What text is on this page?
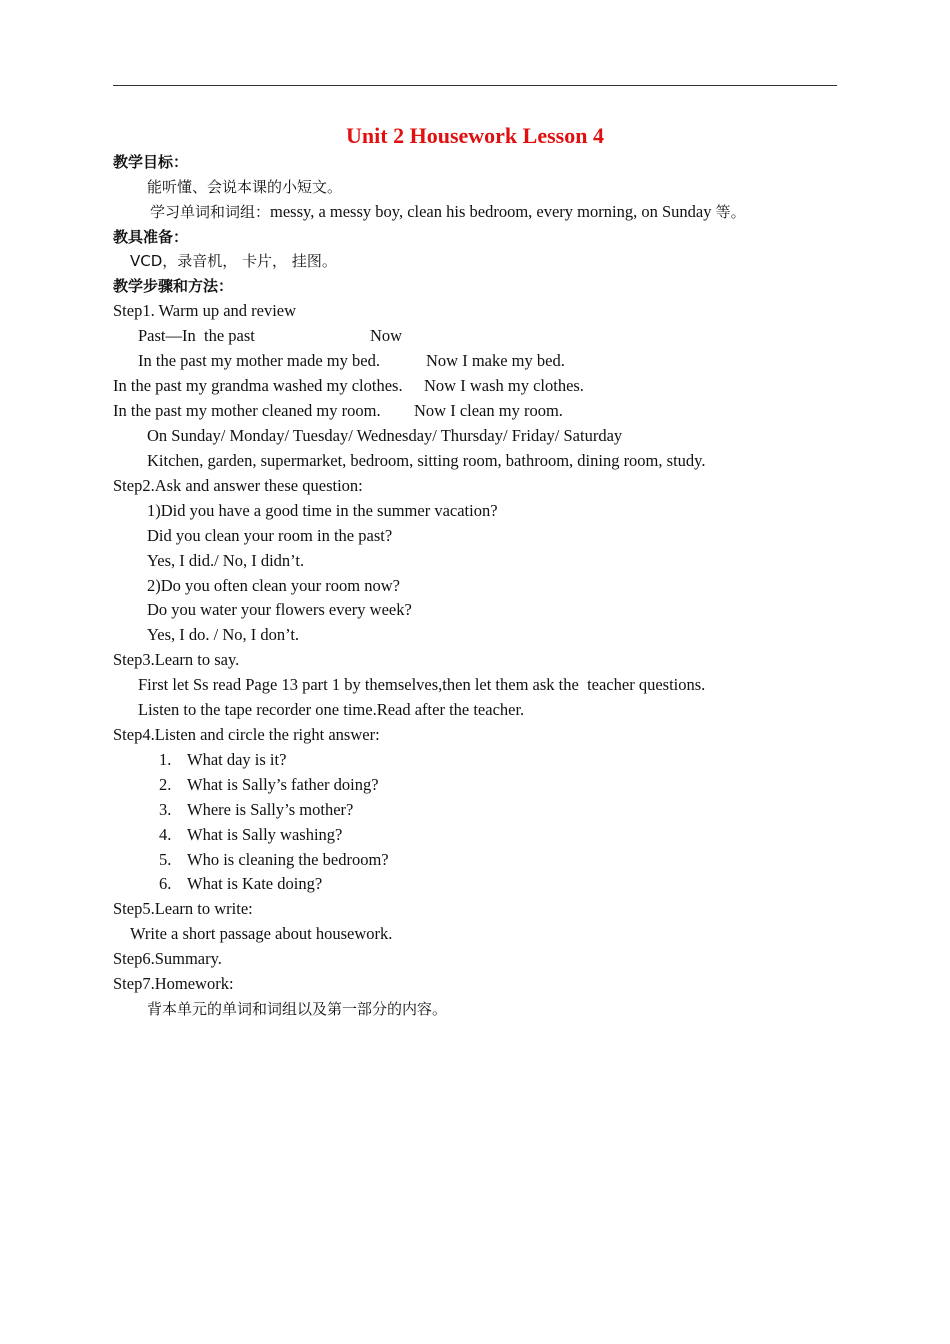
Unit 2 Housework Lesson 4
教学目标：
能听懂、会说本课的小短文。
学习单词和词组：messy, a messy boy, clean his bedroom, every morning, on Sunday 等。
教具准备：
VCD，录音机， 卡片， 挂图。
教学步骤和方法：
Step1. Warm up and review
Past—In  the past	Now
In the past my mother made my bed.	Now I make my bed.
In the past my grandma washed my clothes. Now I wash my clothes.
In the past my mother cleaned my room. Now I clean my room.
On Sunday/ Monday/ Tuesday/ Wednesday/ Thursday/ Friday/ Saturday
Kitchen, garden, supermarket, bedroom, sitting room, bathroom, dining room, study.
Step2.Ask and answer these question:
1)Did you have a good time in the summer vacation?
Did you clean your room in the past?
Yes, I did./ No, I didn’t.
2)Do you often clean your room now?
Do you water your flowers every week?
Yes, I do. / No, I don’t.
Step3.Learn to say.
First let Ss read Page 13 part 1 by themselves,then let them ask the  teacher questions.
Listen to the tape recorder one time.Read after the teacher.
Step4.Listen and circle the right answer:
1. What day is it?
2. What is Sally’s father doing?
3. Where is Sally’s mother?
4. What is Sally washing?
5. Who is cleaning the bedroom?
6. What is Kate doing?
Step5.Learn to write:
Write a short passage about housework.
Step6.Summary.
Step7.Homework:
背本单元的单词和词组以及第一部分的内容。
